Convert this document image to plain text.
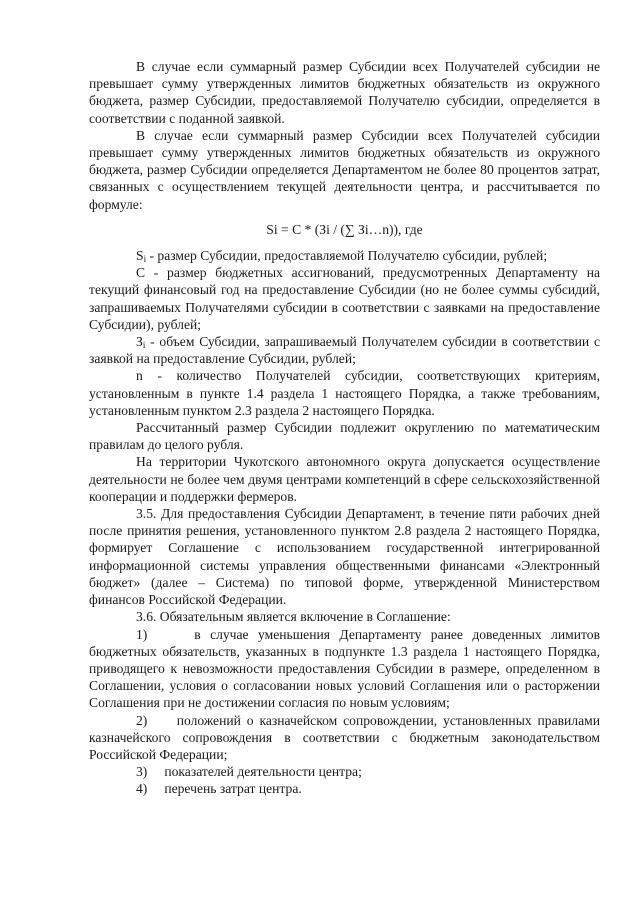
В случае если суммарный размер Субсидии всех Получателей субсидии не превышает сумму утвержденных лимитов бюджетных обязательств из окружного бюджета, размер Субсидии, предоставляемой Получателю субсидии, определяется в соответствии с поданной заявкой.

В случае если суммарный размер Субсидии всех Получателей субсидии превышает сумму утвержденных лимитов бюджетных обязательств из окружного бюджета, размер Субсидии определяется Департаментом не более 80 процентов затрат, связанных с осуществлением текущей деятельности центра, и рассчитывается по формуле:

Si = C * (Зi / (∑ Зi…n)), где

$S_i$ - размер Субсидии, предоставляемой Получателю субсидии, рублей;

C - размер бюджетных ассигнований, предусмотренных Департаменту на текущий финансовый год на предоставление Субсидии (но не более суммы субсидий, запрашиваемых Получателями субсидии в соответствии с заявками на предоставление Субсидии), рублей;

$З_i$ - объем Субсидии, запрашиваемый Получателем субсидии в соответствии с заявкой на предоставление Субсидии, рублей;

n - количество Получателей субсидии, соответствующих критериям, установленным в пункте 1.4 раздела 1 настоящего Порядка, а также требованиям, установленным пунктом 2.3 раздела 2 настоящего Порядка.

Рассчитанный размер Субсидии подлежит округлению по математическим правилам до целого рубля.

На территории Чукотского автономного округа допускается осуществление деятельности не более чем двумя центрами компетенций в сфере сельскохозяйственной кооперации и поддержки фермеров.

3.5. Для предоставления Субсидии Департамент, в течение пяти рабочих дней после принятия решения, установленного пунктом 2.8 раздела 2 настоящего Порядка, формирует Соглашение с использованием государственной интегрированной информационной системы управления общественными финансами «Электронный бюджет» (далее – Система) по типовой форме, утвержденной Министерством финансов Российской Федерации.

3.6. Обязательным является включение в Соглашение:

1)	в случае уменьшения Департаменту ранее доведенных лимитов бюджетных обязательств, указанных в подпункте 1.3 раздела 1 настоящего Порядка, приводящего к невозможности предоставления Субсидии в размере, определенном в Соглашении, условия о согласовании новых условий Соглашения или о расторжении Соглашения при не достижении согласия по новым условиям;

2) положений о казначейском сопровождении, установленных правилами казначейского сопровождения в соответствии с бюджетным законодательством Российской Федерации;

3) показателей деятельности центра;

4) перечень затрат центра.
